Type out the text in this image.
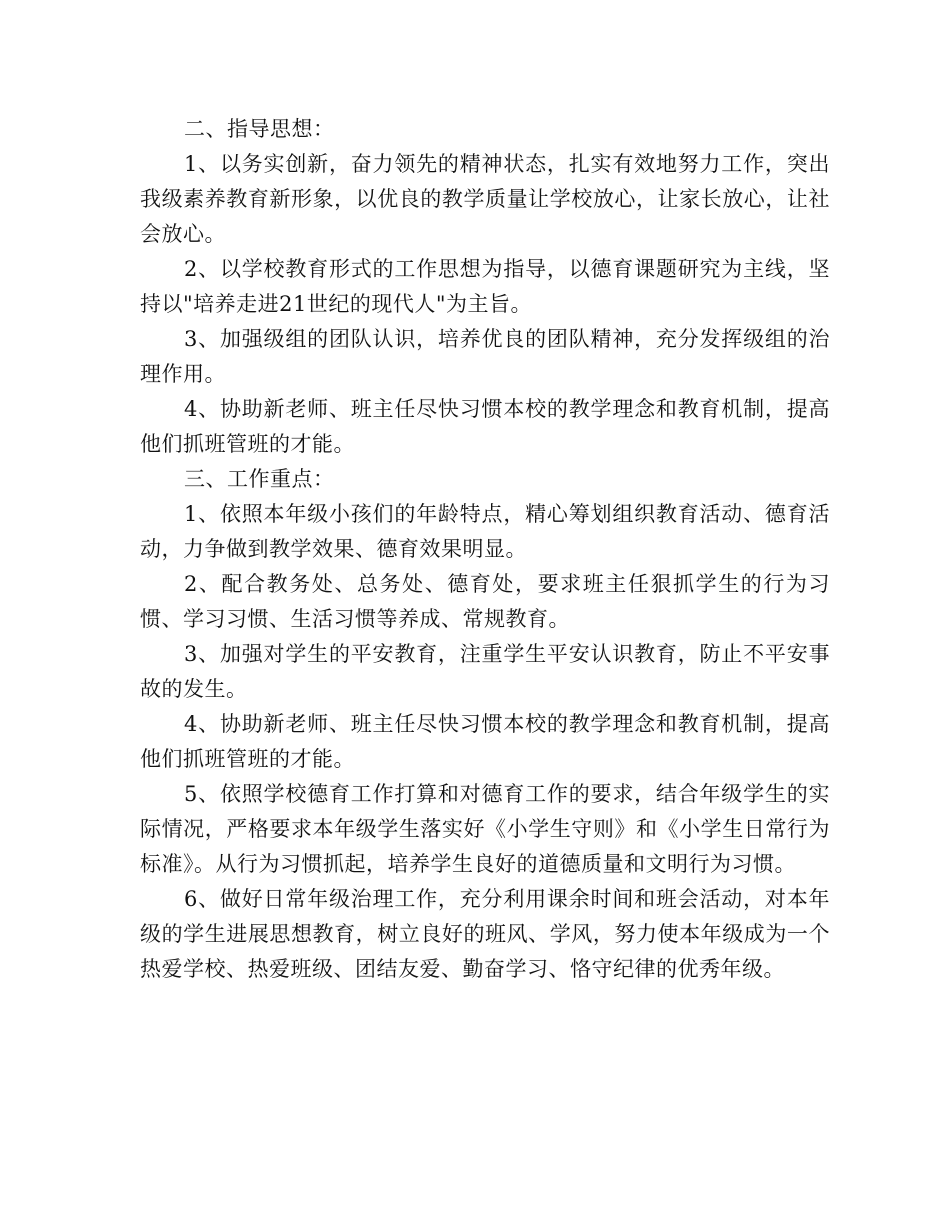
二、指导思想：

1、以务实创新，奋力领先的精神状态，扎实有效地努力工作，突出我级素养教育新形象，以优良的教学质量让学校放心，让家长放心，让社会放心。

2、以学校教育形式的工作思想为指导，以德育课题研究为主线，坚持以"培养走进21世纪的现代人"为主旨。

3、加强级组的团队认识，培养优良的团队精神，充分发挥级组的治理作用。

4、协助新老师、班主任尽快习惯本校的教学理念和教育机制，提高他们抓班管班的才能。

三、工作重点：

1、依照本年级小孩们的年龄特点，精心筹划组织教育活动、德育活动，力争做到教学效果、德育效果明显。

2、配合教务处、总务处、德育处，要求班主任狠抓学生的行为习惯、学习习惯、生活习惯等养成、常规教育。

3、加强对学生的平安教育，注重学生平安认识教育，防止不平安事故的发生。

4、协助新老师、班主任尽快习惯本校的教学理念和教育机制，提高他们抓班管班的才能。

5、依照学校德育工作打算和对德育工作的要求，结合年级学生的实际情况，严格要求本年级学生落实好《小学生守则》和《小学生日常行为标准》。从行为习惯抓起，培养学生良好的道德质量和文明行为习惯。

6、做好日常年级治理工作，充分利用课余时间和班会活动，对本年级的学生进展思想教育，树立良好的班风、学风，努力使本年级成为一个热爱学校、热爱班级、团结友爱、勤奋学习、恪守纪律的优秀年级。
